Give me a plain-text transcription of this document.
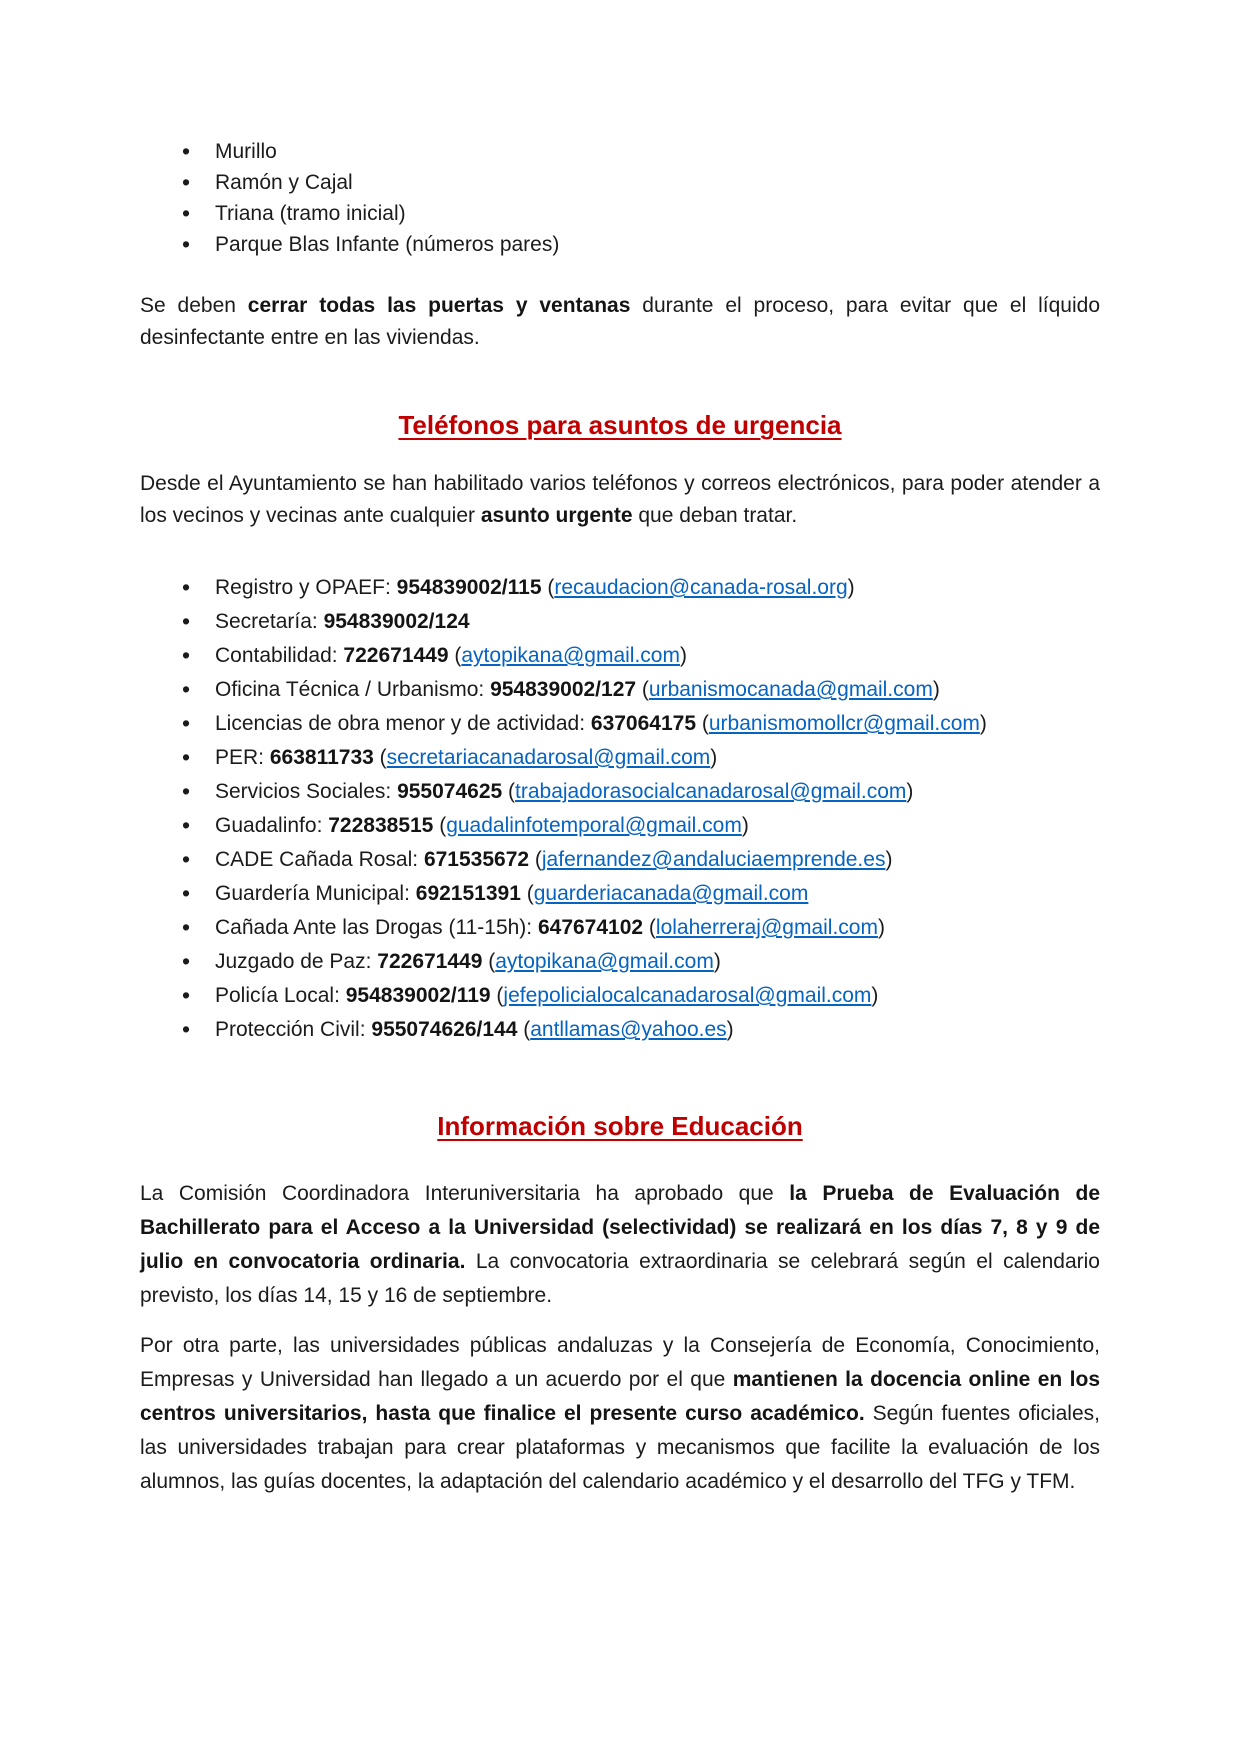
• Murillo
• Ramón y Cajal
• Triana (tramo inicial)
• Parque Blas Infante (números pares)

Se deben cerrar todas las puertas y ventanas durante el proceso, para evitar que el líquido desinfectante entre en las viviendas.

Teléfonos para asuntos de urgencia

Desde el Ayuntamiento se han habilitado varios teléfonos y correos electrónicos, para poder atender a los vecinos y vecinas ante cualquier asunto urgente que deban tratar.

• Registro y OPAEF: 954839002/115 (recaudacion@canada-rosal.org)
• Secretaría: 954839002/124
• Contabilidad: 722671449 (aytopikana@gmail.com)
• Oficina Técnica / Urbanismo: 954839002/127 (urbanismocanada@gmail.com)
• Licencias de obra menor y de actividad: 637064175 (urbanismomollcr@gmail.com)
• PER: 663811733 (secretariacanadarosal@gmail.com)
• Servicios Sociales: 955074625 (trabajadorasocialcanadarosal@gmail.com)
• Guadalinfo: 722838515 (guadalinfotemporal@gmail.com)
• CADE Cañada Rosal: 671535672 (jafernandez@andaluciaemprende.es)
• Guardería Municipal: 692151391 (guarderiacanada@gmail.com
• Cañada Ante las Drogas (11-15h): 647674102 (lolaherreraj@gmail.com)
• Juzgado de Paz: 722671449 (aytopikana@gmail.com)
• Policía Local: 954839002/119 (jefepolicialocalcanadarosal@gmail.com)
• Protección Civil: 955074626/144 (antllamas@yahoo.es)
Información sobre Educación

La Comisión Coordinadora Interuniversitaria ha aprobado que la Prueba de Evaluación de Bachillerato para el Acceso a la Universidad (selectividad) se realizará en los días 7, 8 y 9 de julio en convocatoria ordinaria. La convocatoria extraordinaria se celebrará según el calendario previsto, los días 14, 15 y 16 de septiembre.

Por otra parte, las universidades públicas andaluzas y la Consejería de Economía, Conocimiento, Empresas y Universidad han llegado a un acuerdo por el que mantienen la docencia online en los centros universitarios, hasta que finalice el presente curso académico. Según fuentes oficiales, las universidades trabajan para crear plataformas y mecanismos que facilite la evaluación de los alumnos, las guías docentes, la adaptación del calendario académico y el desarrollo del TFG y TFM.
